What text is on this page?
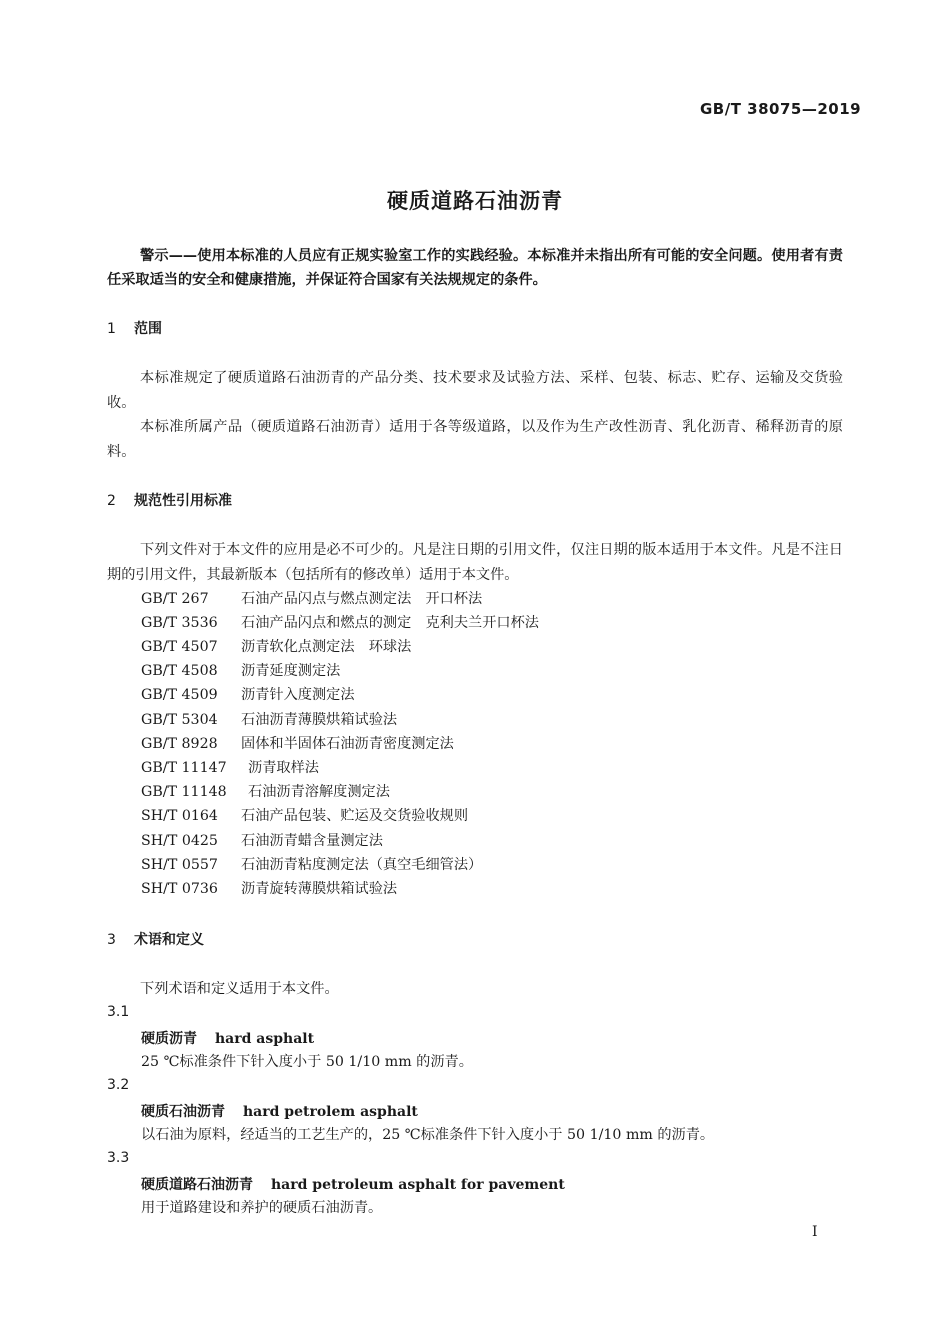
GB/T 38075—2019
硬质道路石油沥青
警示——使用本标准的人员应有正规实验室工作的实践经验。本标准并未指出所有可能的安全问题。使用者有责任采取适当的安全和健康措施，并保证符合国家有关法规规定的条件。
1 范围
本标准规定了硬质道路石油沥青的产品分类、技术要求及试验方法、采样、包装、标志、贮存、运输及交货验收。
本标准所属产品（硬质道路石油沥青）适用于各等级道路，以及作为生产改性沥青、乳化沥青、稀释沥青的原料。
2 规范性引用标准
下列文件对于本文件的应用是必不可少的。凡是注日期的引用文件，仅注日期的版本适用于本文件。凡是不注日期的引用文件，其最新版本（包括所有的修改单）适用于本文件。
GB/T 267 石油产品闪点与燃点测定法　开口杯法
GB/T 3536 石油产品闪点和燃点的测定　克利夫兰开口杯法
GB/T 4507 沥青软化点测定法　环球法
GB/T 4508 沥青延度测定法
GB/T 4509 沥青针入度测定法
GB/T 5304 石油沥青薄膜烘箱试验法
GB/T 8928 固体和半固体石油沥青密度测定法
GB/T 11147 沥青取样法
GB/T 11148 石油沥青溶解度测定法
SH/T 0164 石油产品包装、贮运及交货验收规则
SH/T 0425 石油沥青蜡含量测定法
SH/T 0557 石油沥青粘度测定法（真空毛细管法）
SH/T 0736 沥青旋转薄膜烘箱试验法
3 术语和定义
下列术语和定义适用于本文件。
3.1
硬质沥青 hard asphalt
25 ℃标准条件下针入度小于 50 1/10 mm 的沥青。
3.2
硬质石油沥青 hard petrolem asphalt
以石油为原料，经适当的工艺生产的，25 ℃标准条件下针入度小于 50 1/10 mm 的沥青。
3.3
硬质道路石油沥青 hard petroleum asphalt for pavement
用于道路建设和养护的硬质石油沥青。
I
